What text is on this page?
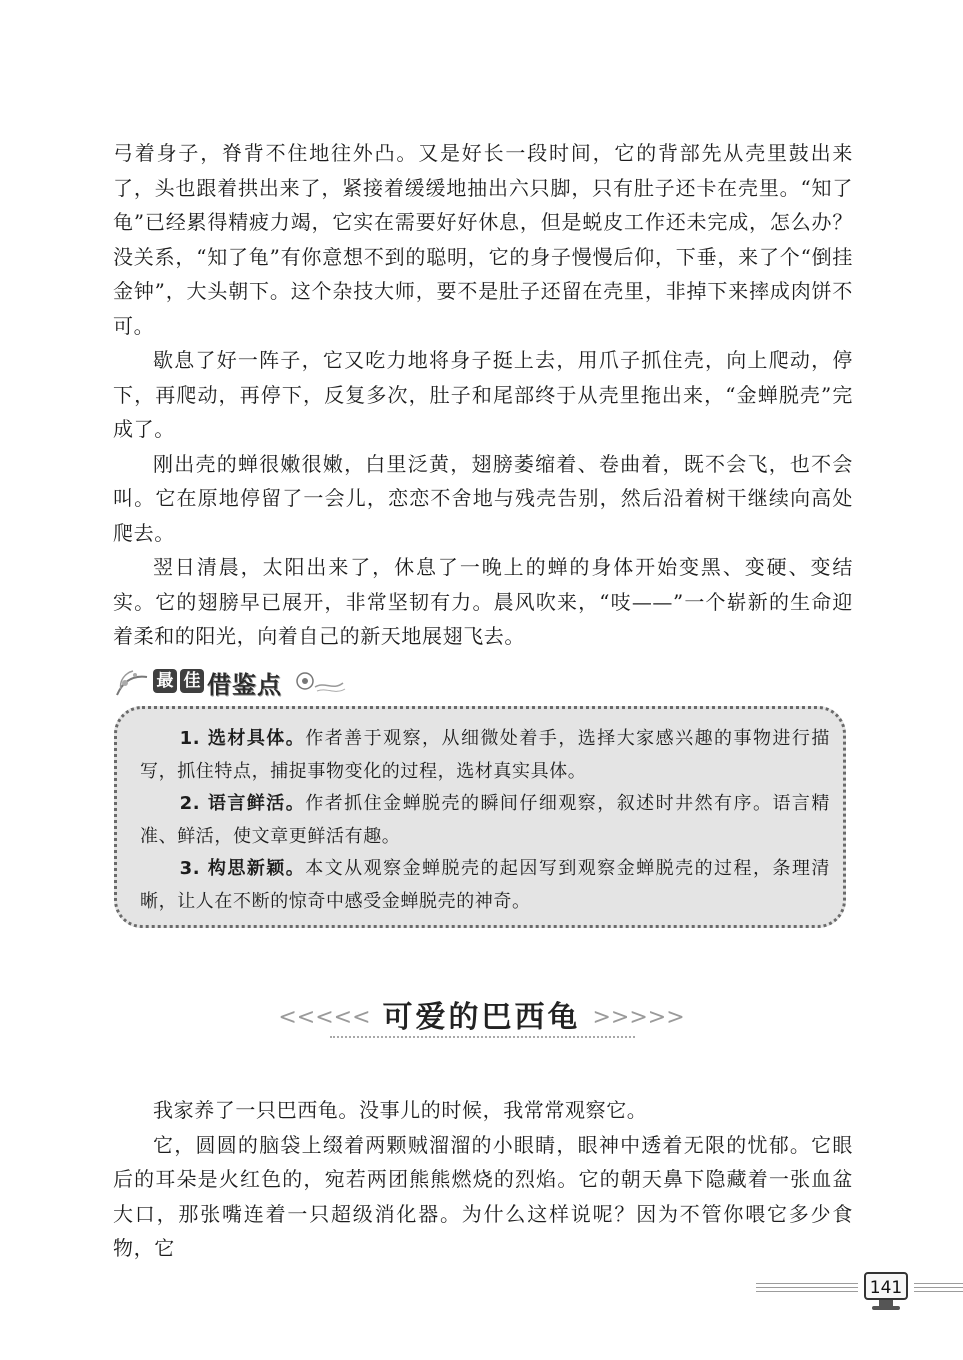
弓着身子，脊背不住地往外凸。又是好长一段时间，它的背部先从壳里鼓出来了，头也跟着拱出来了，紧接着缓缓地抽出六只脚，只有肚子还卡在壳里。“知了龟”已经累得精疲力竭，它实在需要好好休息，但是蜕皮工作还未完成，怎么办？没关系，“知了龟”有你意想不到的聪明，它的身子慢慢后仰，下垂，来了个“倒挂金钟”，大头朝下。这个杂技大师，要不是肚子还留在壳里，非掉下来摔成肉饼不可。

歇息了好一阵子，它又吃力地将身子挺上去，用爪子抓住壳，向上爬动，停下，再爬动，再停下，反复多次，肚子和尾部终于从壳里拖出来，“金蝉脱壳”完成了。

刚出壳的蝉很嫩很嫩，白里泛黄，翅膀萎缩着、卷曲着，既不会飞，也不会叫。它在原地停留了一会儿，恋恋不舍地与残壳告别，然后沿着树干继续向高处爬去。

翌日清晨，太阳出来了，休息了一晚上的蝉的身体开始变黑、变硬、变结实。它的翅膀早已展开，非常坚韧有力。晨风吹来，“吱——”一个崭新的生命迎着柔和的阳光，向着自己的新天地展翅飞去。

最 佳 借鉴点

1. 选材具体。作者善于观察，从细微处着手，选择大家感兴趣的事物进行描写，抓住特点，捕捉事物变化的过程，选材真实具体。

2. 语言鲜活。作者抓住金蝉脱壳的瞬间仔细观察，叙述时井然有序。语言精准、鲜活，使文章更鲜活有趣。

3. 构思新颖。本文从观察金蝉脱壳的起因写到观察金蝉脱壳的过程，条理清晰，让人在不断的惊奇中感受金蝉脱壳的神奇。

<<<<< 可爱的巴西龟 >>>>>

我家养了一只巴西龟。没事儿的时候，我常常观察它。

它，圆圆的脑袋上缀着两颗贼溜溜的小眼睛，眼神中透着无限的忧郁。它眼后的耳朵是火红色的，宛若两团熊熊燃烧的烈焰。它的朝天鼻下隐藏着一张血盆大口，那张嘴连着一只超级消化器。为什么这样说呢？因为不管你喂它多少食物，它

141
